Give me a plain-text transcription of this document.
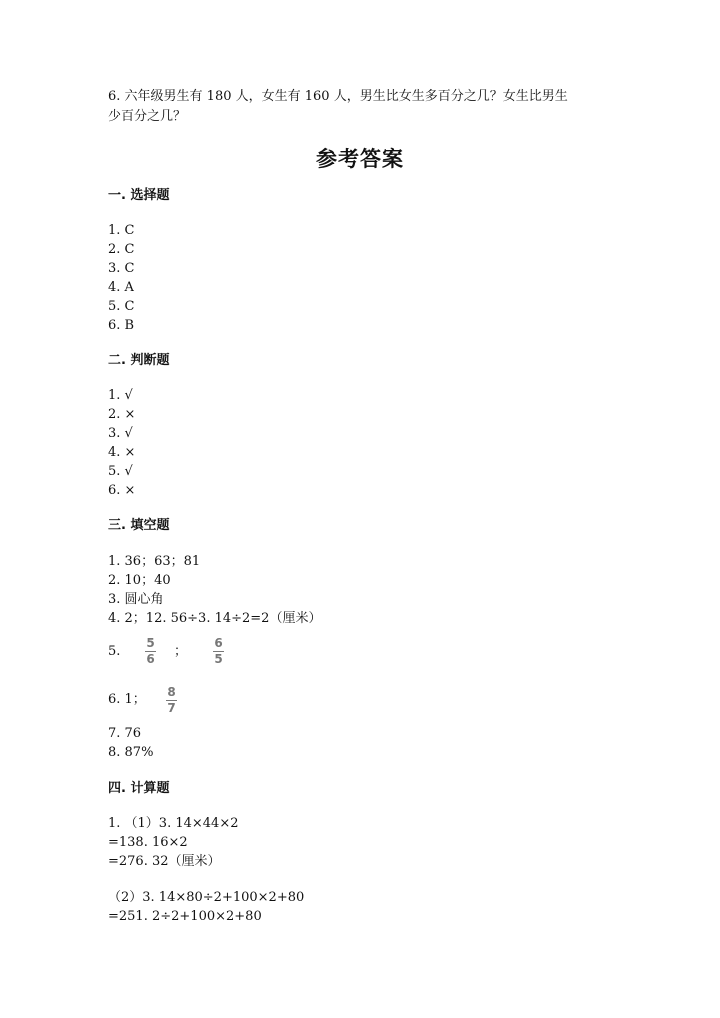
6. 六年级男生有 180 人，女生有 160 人，男生比女生多百分之几？女生比男生
少百分之几？
参考答案
一. 选择题
1. C
2. C
3. C
4. A
5. C
6. B
二. 判断题
1. √
2. ×
3. √
4. ×
5. √
6. ×
三. 填空题
1. 36；63；81
2. 10；40
3. 圆心角
4. 2；12. 56÷3. 14÷2=2（厘米）
5.
5
6 ；
6
5
6. 1； 8
7
7. 76
8. 87%
四. 计算题
1. （1）3. 14×44×2
=138. 16×2
=276. 32（厘米）
（2）3. 14×80÷2+100×2+80
=251. 2÷2+100×2+80
